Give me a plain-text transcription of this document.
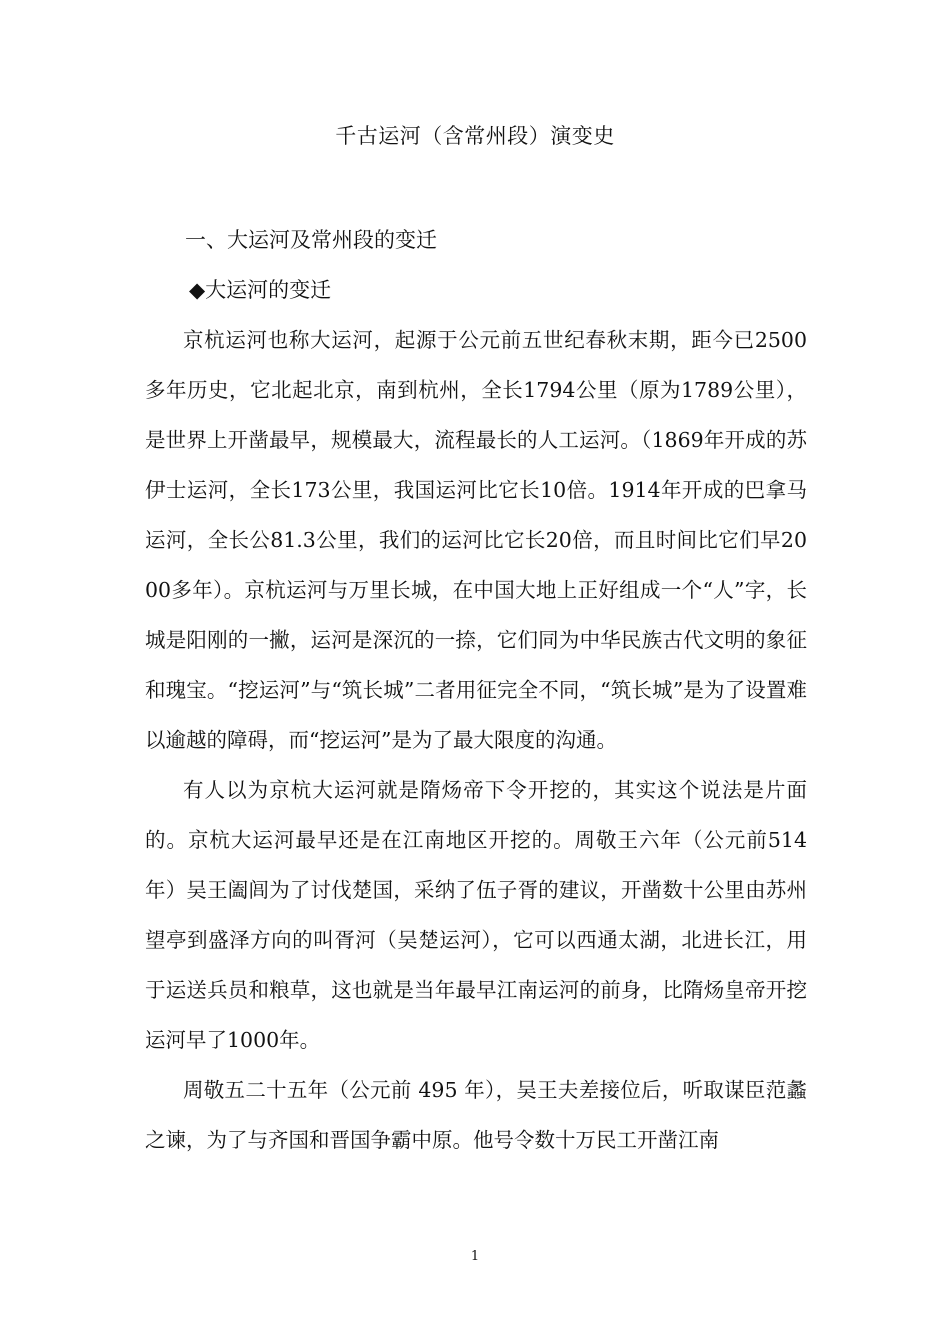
千古运河（含常州段）演变史
一、大运河及常州段的变迁
◆大运河的变迁

京杭运河也称大运河，起源于公元前五世纪春秋末期，距今已2500多年历史，它北起北京，南到杭州，全长1794公里（原为1789公里），是世界上开凿最早，规模最大，流程最长的人工运河。（1869年开成的苏伊士运河，全长173公里，我国运河比它长10倍。1914年开成的巴拿马运河，全长公81.3公里，我们的运河比它长20倍，而且时间比它们早2000多年）。京杭运河与万里长城，在中国大地上正好组成一个“人”字，长城是阳刚的一撇，运河是深沉的一捺，它们同为中华民族古代文明的象征和瑰宝。“挖运河”与“筑长城”二者用征完全不同，“筑长城”是为了设置难以逾越的障碍，而“挖运河”是为了最大限度的沟通。

有人以为京杭大运河就是隋炀帝下令开挖的，其实这个说法是片面的。京杭大运河最早还是在江南地区开挖的。周敬王六年（公元前514年）吴王阖闾为了讨伐楚国，采纳了伍子胥的建议，开凿数十公里由苏州望亭到盛泽方向的叫胥河（吴楚运河），它可以西通太湖，北进长江，用于运送兵员和粮草，这也就是当年最早江南运河的前身，比隋炀皇帝开挖运河早了1000年。

周敬五二十五年（公元前 495 年），吴王夫差接位后，听取谋臣范蠡之谏，为了与齐国和晋国争霸中原。他号令数十万民工开凿江南

1
